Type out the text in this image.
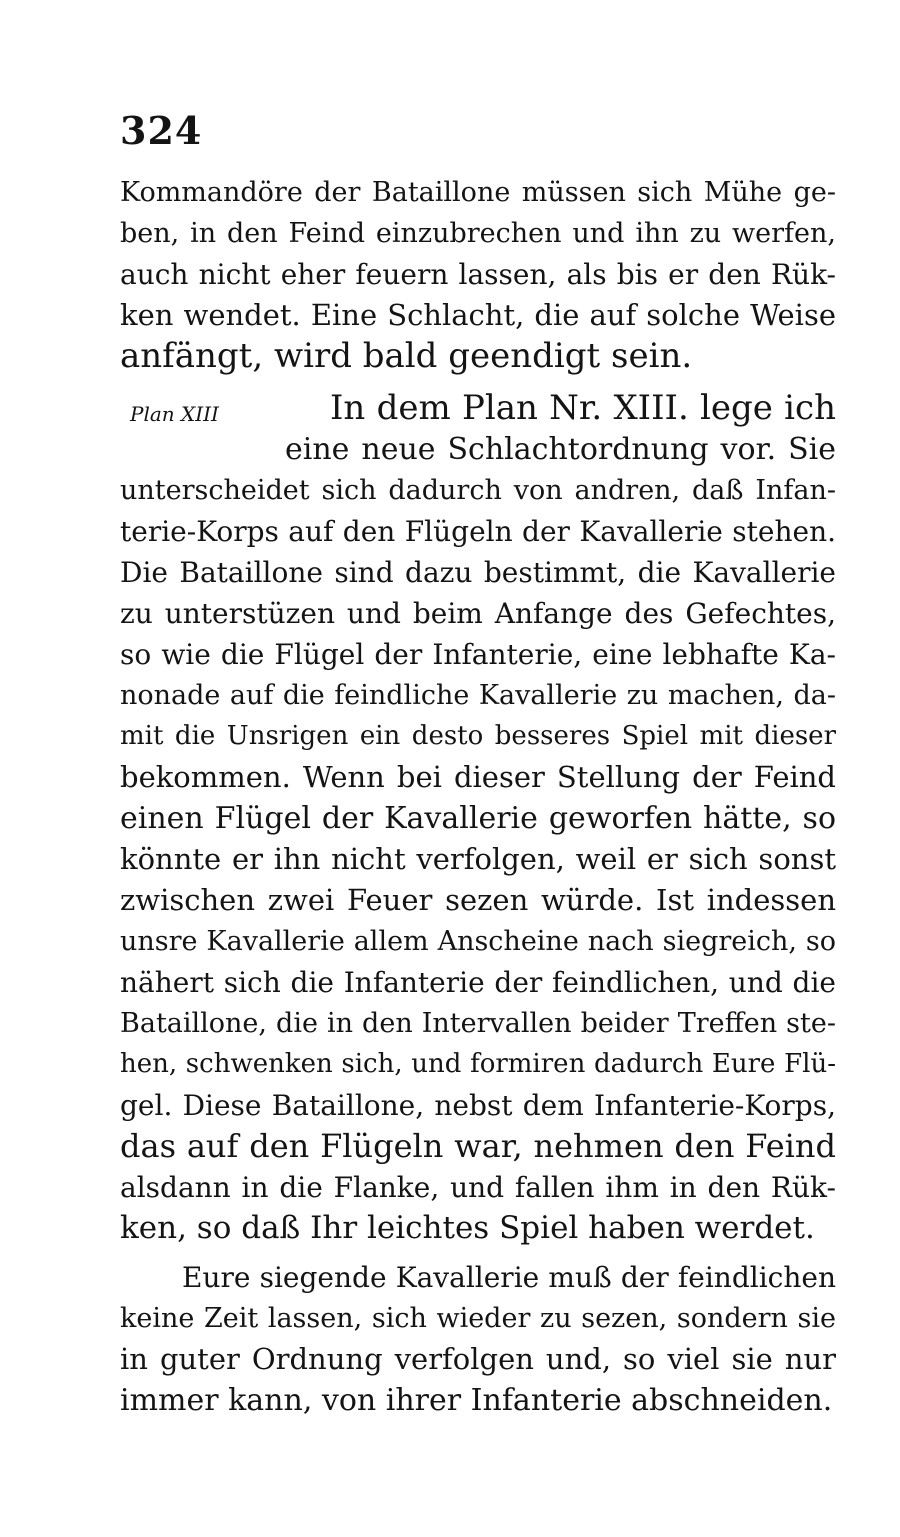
324
Plan XIII
Kommandöre der Bataillone müssen sich Mühe ge-
ben, in den Feind einzubrechen und ihn zu werfen,
auch nicht eher feuern lassen, als bis er den Rük-
ken wendet. Eine Schlacht, die auf solche Weise
anfängt, wird bald geendigt sein.
In dem Plan Nr. XIII. lege ich
eine neue Schlachtordnung vor. Sie
unterscheidet sich dadurch von andren, daß Infan-
terie-Korps auf den Flügeln der Kavallerie stehen.
Die Bataillone sind dazu bestimmt, die Kavallerie
zu unterstüzen und beim Anfange des Gefechtes,
so wie die Flügel der Infanterie, eine lebhafte Ka-
nonade auf die feindliche Kavallerie zu machen, da-
mit die Unsrigen ein desto besseres Spiel mit dieser
bekommen. Wenn bei dieser Stellung der Feind
einen Flügel der Kavallerie geworfen hätte, so
könnte er ihn nicht verfolgen, weil er sich sonst
zwischen zwei Feuer sezen würde. Ist indessen
unsre Kavallerie allem Anscheine nach siegreich, so
nähert sich die Infanterie der feindlichen, und die
Bataillone, die in den Intervallen beider Treffen ste-
hen, schwenken sich, und formiren dadurch Eure Flü-
gel. Diese Bataillone, nebst dem Infanterie-Korps,
das auf den Flügeln war, nehmen den Feind
alsdann in die Flanke, und fallen ihm in den Rük-
ken, so daß Ihr leichtes Spiel haben werdet.
Eure siegende Kavallerie muß der feindlichen
keine Zeit lassen, sich wieder zu sezen, sondern sie
in guter Ordnung verfolgen und, so viel sie nur
immer kann, von ihrer Infanterie abschneiden.
